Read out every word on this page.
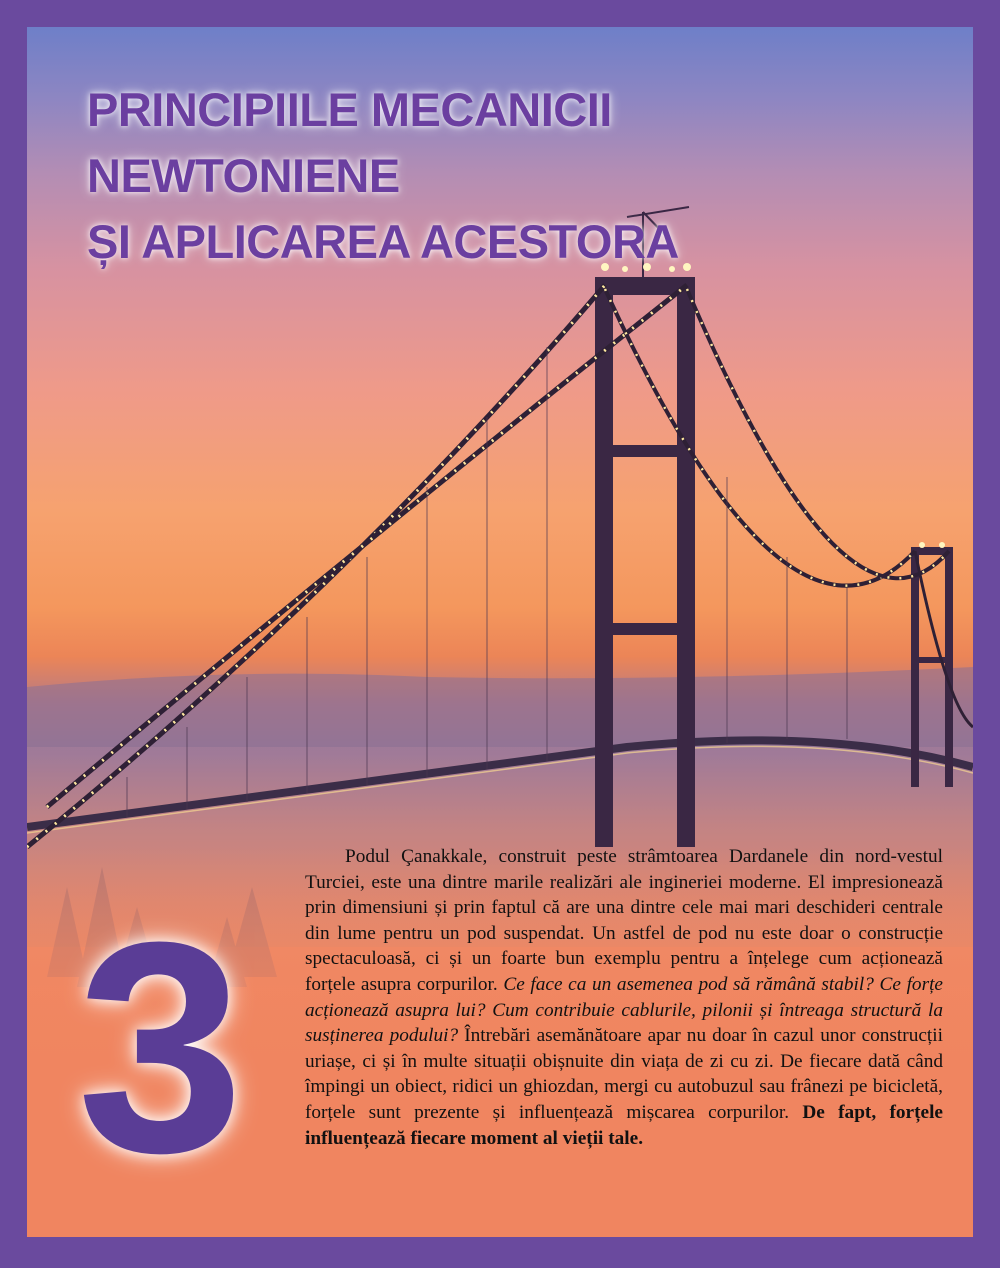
PRINCIPIILE MECANICII NEWTONIENE
ȘI APLICAREA ACESTORA
3

Podul Çanakkale, construit peste strâmtoarea Dardanele din nord-vestul Turciei, este una dintre marile realizări ale ingineriei moderne. El impresionează prin dimensiuni și prin faptul că are una dintre cele mai mari deschideri centrale din lume pentru un pod suspendat. Un astfel de pod nu este doar o construcție spectaculoasă, ci și un foarte bun exemplu pentru a înțelege cum acționează forțele asupra corpurilor. Ce face ca un asemenea pod să rămână stabil? Ce forțe acționează asupra lui? Cum contribuie cablurile, pilonii și întreaga structură la susținerea podului? Întrebări asemănătoare apar nu doar în cazul unor construcții uriașe, ci și în multe situații obișnuite din viața de zi cu zi. De fiecare dată când împingi un obiect, ridici un ghiozdan, mergi cu autobuzul sau frânezi pe bicicletă, forțele sunt prezente și influențează mișcarea corpurilor. De fapt, forțele influențează fiecare moment al vieții tale.
